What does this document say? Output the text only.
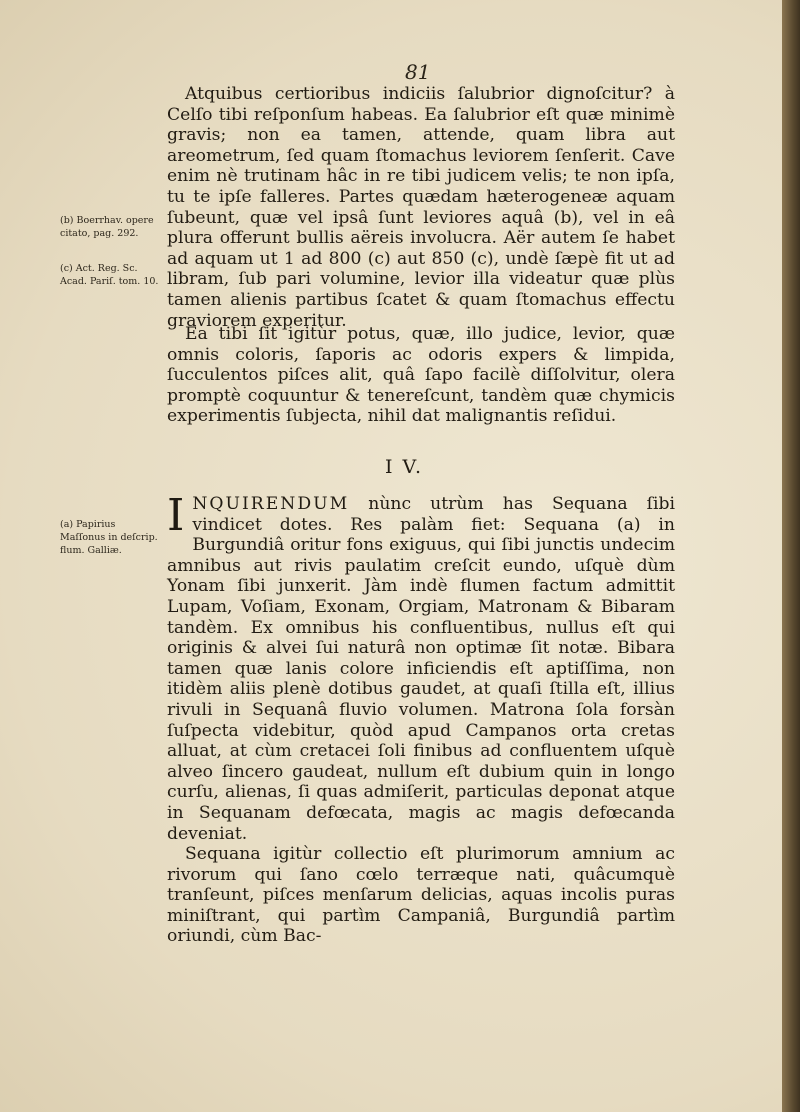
81

Atquibus certioribus indiciis ſalubrior dignoſcitur? à Celſo tibi reſponſum habeas. Ea ſalubrior eſt quæ minimè gravis; non ea tamen, attende, quam libra aut areometrum, ſed quam ſtomachus leviorem ſenſerit. Cave enim nè trutinam hâc in re tibi judicem velis; te non ipſa, tu te ipſe falleres. Partes quædam hæterogeneæ aquam ſubeunt, quæ vel ipsâ ſunt leviores aquâ (b), vel in eâ plura offerunt bullis aëreis involucra. Aër autem ſe habet ad aquam ut 1 ad 800 (c) aut 850 (c), undè ſæpè fit ut ad libram, ſub pari volumine, levior illa videatur quæ plùs tamen alienis partibus ſcatet & quam ſtomachus effectu graviorem experitur.

Ea tibi ſit igitùr potus, quæ, illo judice, levior, quæ omnis coloris, ſaporis ac odoris expers & limpida, ſucculentos piſces alit, quâ ſapo facilè diſſolvitur, olera promptè coquuntur & tenereſcunt, tandèm quæ chymicis experimentis ſubjecta, nihil dat malignantis reſidui.

I V.

INQUIRENDUM nùnc utrùm has Sequana ſibi vindicet dotes. Res palàm fiet: Sequana (a) in Burgundiâ oritur fons exiguus, qui ſibi junctis undecim amnibus aut rivis paulatim creſcit eundo, uſquè dùm Yonam ſibi junxerit. Jàm indè flumen factum admittit Lupam, Voſiam, Exonam, Orgiam, Matronam & Bibaram tandèm. Ex omnibus his confluentibus, nullus eſt qui originis & alvei ſui naturâ non optimæ ſit notæ. Bibara tamen quæ lanis colore inficiendis eſt aptiſſima, non itidèm aliis plenè dotibus gaudet, at quaſi ſtilla eſt, illius rivuli in Sequanâ fluvio volumen. Matrona ſola forsàn ſuſpecta videbitur, quòd apud Campanos orta cretas alluat, at cùm cretacei ſoli finibus ad confluentem uſquè alveo ſincero gaudeat, nullum eſt dubium quin in longo curſu, alienas, ſi quas admiſerit, particulas deponat atque in Sequanam defœcata, magis ac magis defœcanda deveniat.

Sequana igitùr collectio eſt plurimorum amnium ac rivorum qui ſano cœlo terræque nati, quâcumquè tranſeunt, piſces menſarum delicias, aquas incolis puras miniſtrant, qui partìm Campaniâ, Burgundiâ partìm oriundi, cùm Bac-

(b) Boerrhav. opere citato, pag. 292.
(c) Act. Reg. Sc. Acad. Pariſ. tom. 10.
(a) Papirius Maſſonus in deſcrip. flum. Galliæ.
